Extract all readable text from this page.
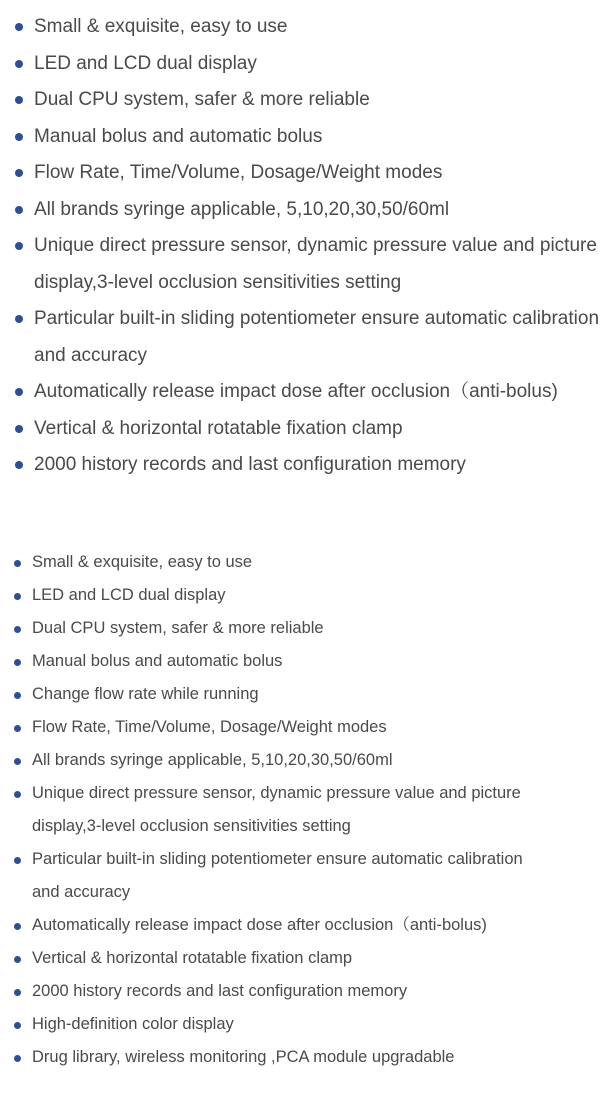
Small & exquisite, easy to use
LED and LCD dual display
Dual CPU system, safer & more reliable
Manual bolus and automatic bolus
Flow Rate, Time/Volume, Dosage/Weight modes
All brands syringe applicable, 5,10,20,30,50/60ml
Unique direct pressure sensor, dynamic pressure value and picture
display,3-level occlusion sensitivities setting
Particular built-in sliding potentiometer ensure automatic calibration
and accuracy
Automatically release impact dose after occlusion（anti-bolus)
Vertical & horizontal rotatable fixation clamp
2000 history records and last configuration memory
Small & exquisite, easy to use
LED and LCD dual display
Dual CPU system, safer & more reliable
Manual bolus and automatic bolus
Change flow rate while running
Flow Rate, Time/Volume, Dosage/Weight modes
All brands syringe applicable, 5,10,20,30,50/60ml
Unique direct pressure sensor, dynamic pressure value and picture
display,3-level occlusion sensitivities setting
Particular built-in sliding potentiometer ensure automatic calibration
and accuracy
Automatically release impact dose after occlusion（anti-bolus)
Vertical & horizontal rotatable fixation clamp
2000 history records and last configuration memory
High-definition color display
Drug library, wireless monitoring ,PCA module upgradable
